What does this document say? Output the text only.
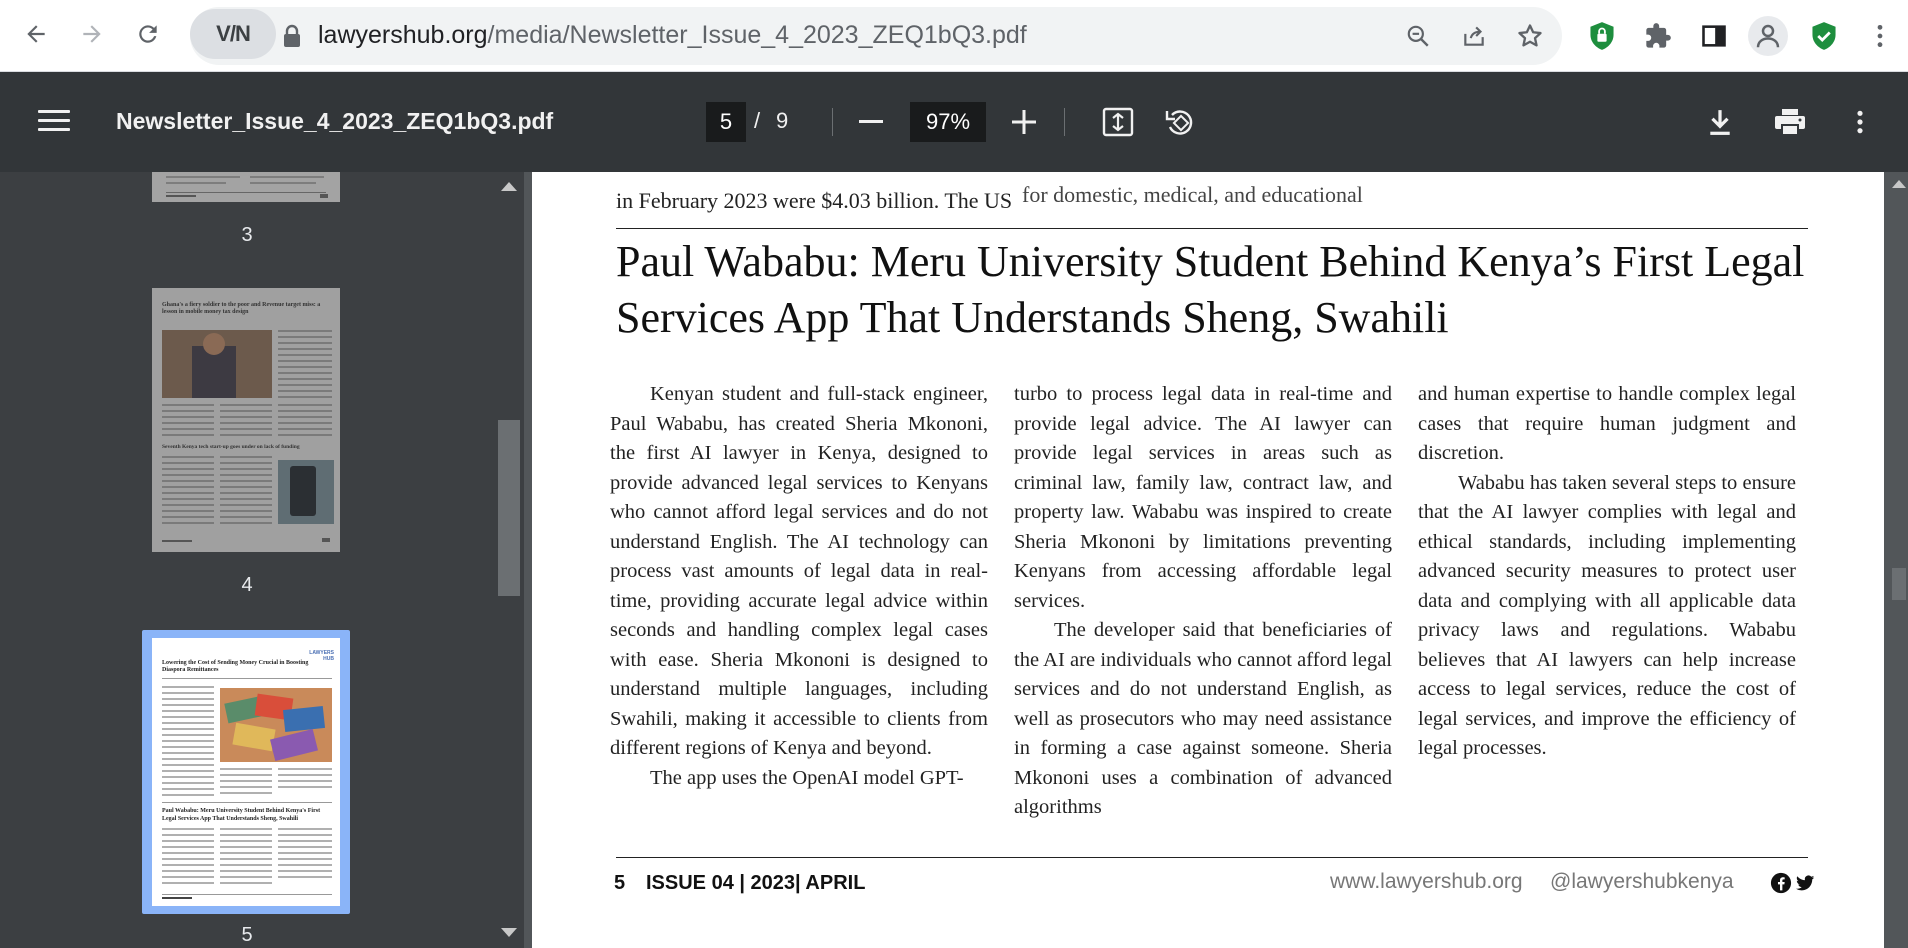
V/N	lawyershub.org/media/Newsletter_Issue_4_2023_ZEQ1bQ3.pdf
Newsletter_Issue_4_2023_ZEQ1bQ3.pdf	5 / 9	97%
3
Ghana's a fiery soldier to the poor and Revenue target miss: a lesson in mobile money tax design
Seventh Kenya tech start-up goes under on lack of funding
4
LAWYERS HUB
Lowering the Cost of Sending Money Crucial in Boosting Diaspora Remittances
Paul Wababu: Meru University Student Behind Kenya's First Legal Services App That Understands Sheng, Swahili
5
in February 2023 were $4.03 billion. The US for domestic, medical, and educational
Paul Wababu: Meru University Student Behind Kenya’s First Legal Services App That Understands Sheng, Swahili

Kenyan student and full-stack engineer, Paul Wababu, has created Sheria Mkononi, the first AI lawyer in Kenya, designed to provide advanced legal services to Kenyans who cannot afford legal services and do not understand English. The AI technology can process vast amounts of legal data in real-time, providing accurate legal advice within seconds and handling complex legal cases with ease. Sheria Mkononi is designed to understand multiple languages, including Swahili, making it accessible to clients from different regions of Kenya and beyond.

The app uses the OpenAI model GPT-

turbo to process legal data in real-time and provide legal advice. The AI lawyer can provide legal services in areas such as criminal law, family law, contract law, and property law. Wababu was inspired to create Sheria Mkononi by limitations preventing Kenyans from accessing affordable legal services.

The developer said that beneficiaries of the AI are individuals who cannot afford legal services and do not understand English, as well as prosecutors who may need assistance in forming a case against someone. Sheria Mkononi uses a combination of advanced algorithms

and human expertise to handle complex legal cases that require human judgment and discretion.

Wababu has taken several steps to ensure that the AI lawyer complies with legal and ethical standards, including implementing advanced security measures to protect user data and complying with all applicable data privacy laws and regulations. Wababu believes that AI lawyers can help increase access to legal services, reduce the cost of legal services, and improve the efficiency of legal processes.

5 ISSUE 04 | 2023| APRIL	www.lawyershub.org @lawyershubkenya
